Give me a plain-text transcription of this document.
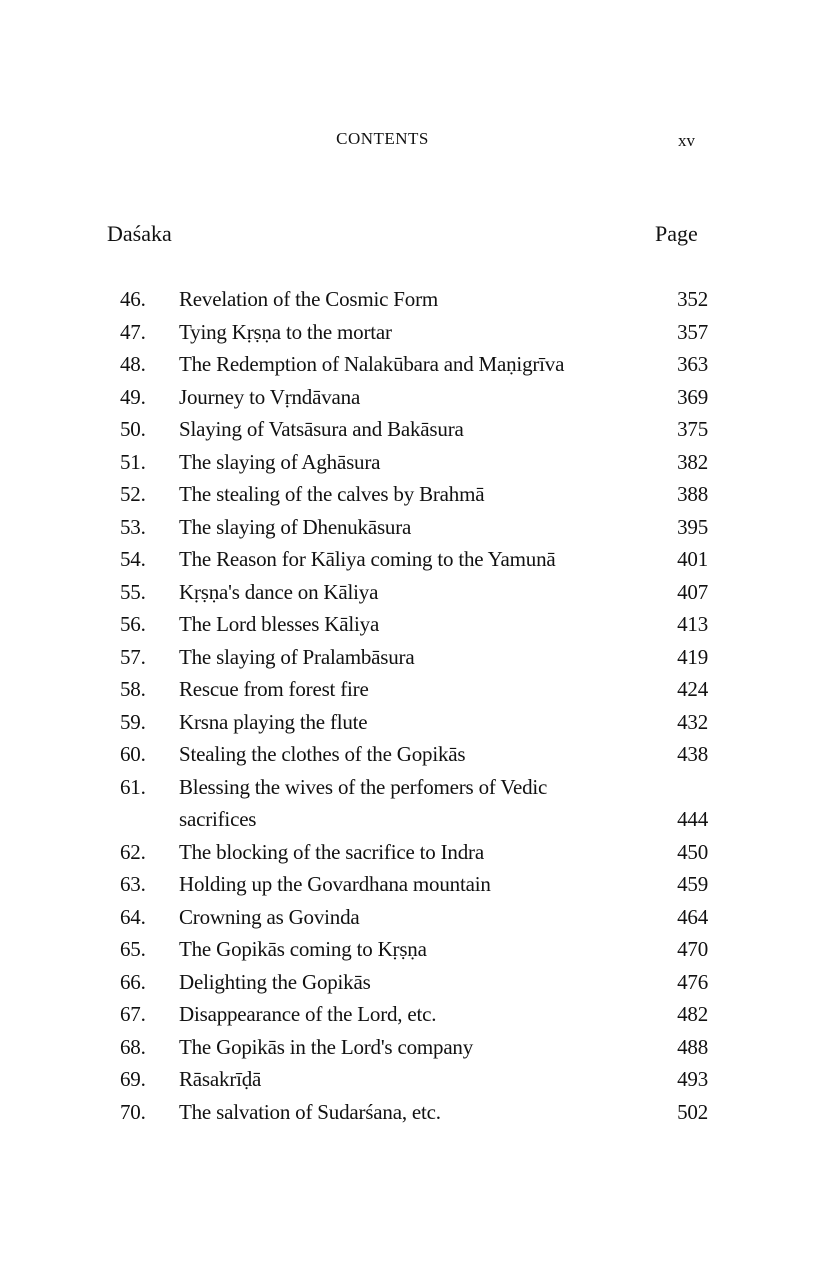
CONTENTS	xv
Daśaka	Page
46.	Revelation of the Cosmic Form	352
47.	Tying Kṛṣṇa to the mortar	357
48.	The Redemption of Nalakūbara and Maṇigrīva	363
49.	Journey to Vṛndāvana	369
50.	Slaying of Vatsāsura and Bakāsura	375
51.	The slaying of Aghāsura	382
52.	The stealing of the calves by Brahmā	388
53.	The slaying of Dhenukāsura	395
54.	The Reason for Kāliya coming to the Yamunā	401
55.	Kṛṣṇa's dance on Kāliya	407
56.	The Lord blesses Kāliya	413
57.	The slaying of Pralambāsura	419
58.	Rescue from forest fire	424
59.	Krsna playing the flute	432
60.	Stealing the clothes of the Gopikās	438
61.	Blessing the wives of the perfomers of Vedic sacrifices	444
62.	The blocking of the sacrifice to Indra	450
63.	Holding up the Govardhana mountain	459
64.	Crowning as Govinda	464
65.	The Gopikās coming to Kṛṣṇa	470
66.	Delighting the Gopikās	476
67.	Disappearance of the Lord, etc.	482
68.	The Gopikās in the Lord's company	488
69.	Rāsakrīḍā	493
70.	The salvation of Sudarśana, etc.	502
